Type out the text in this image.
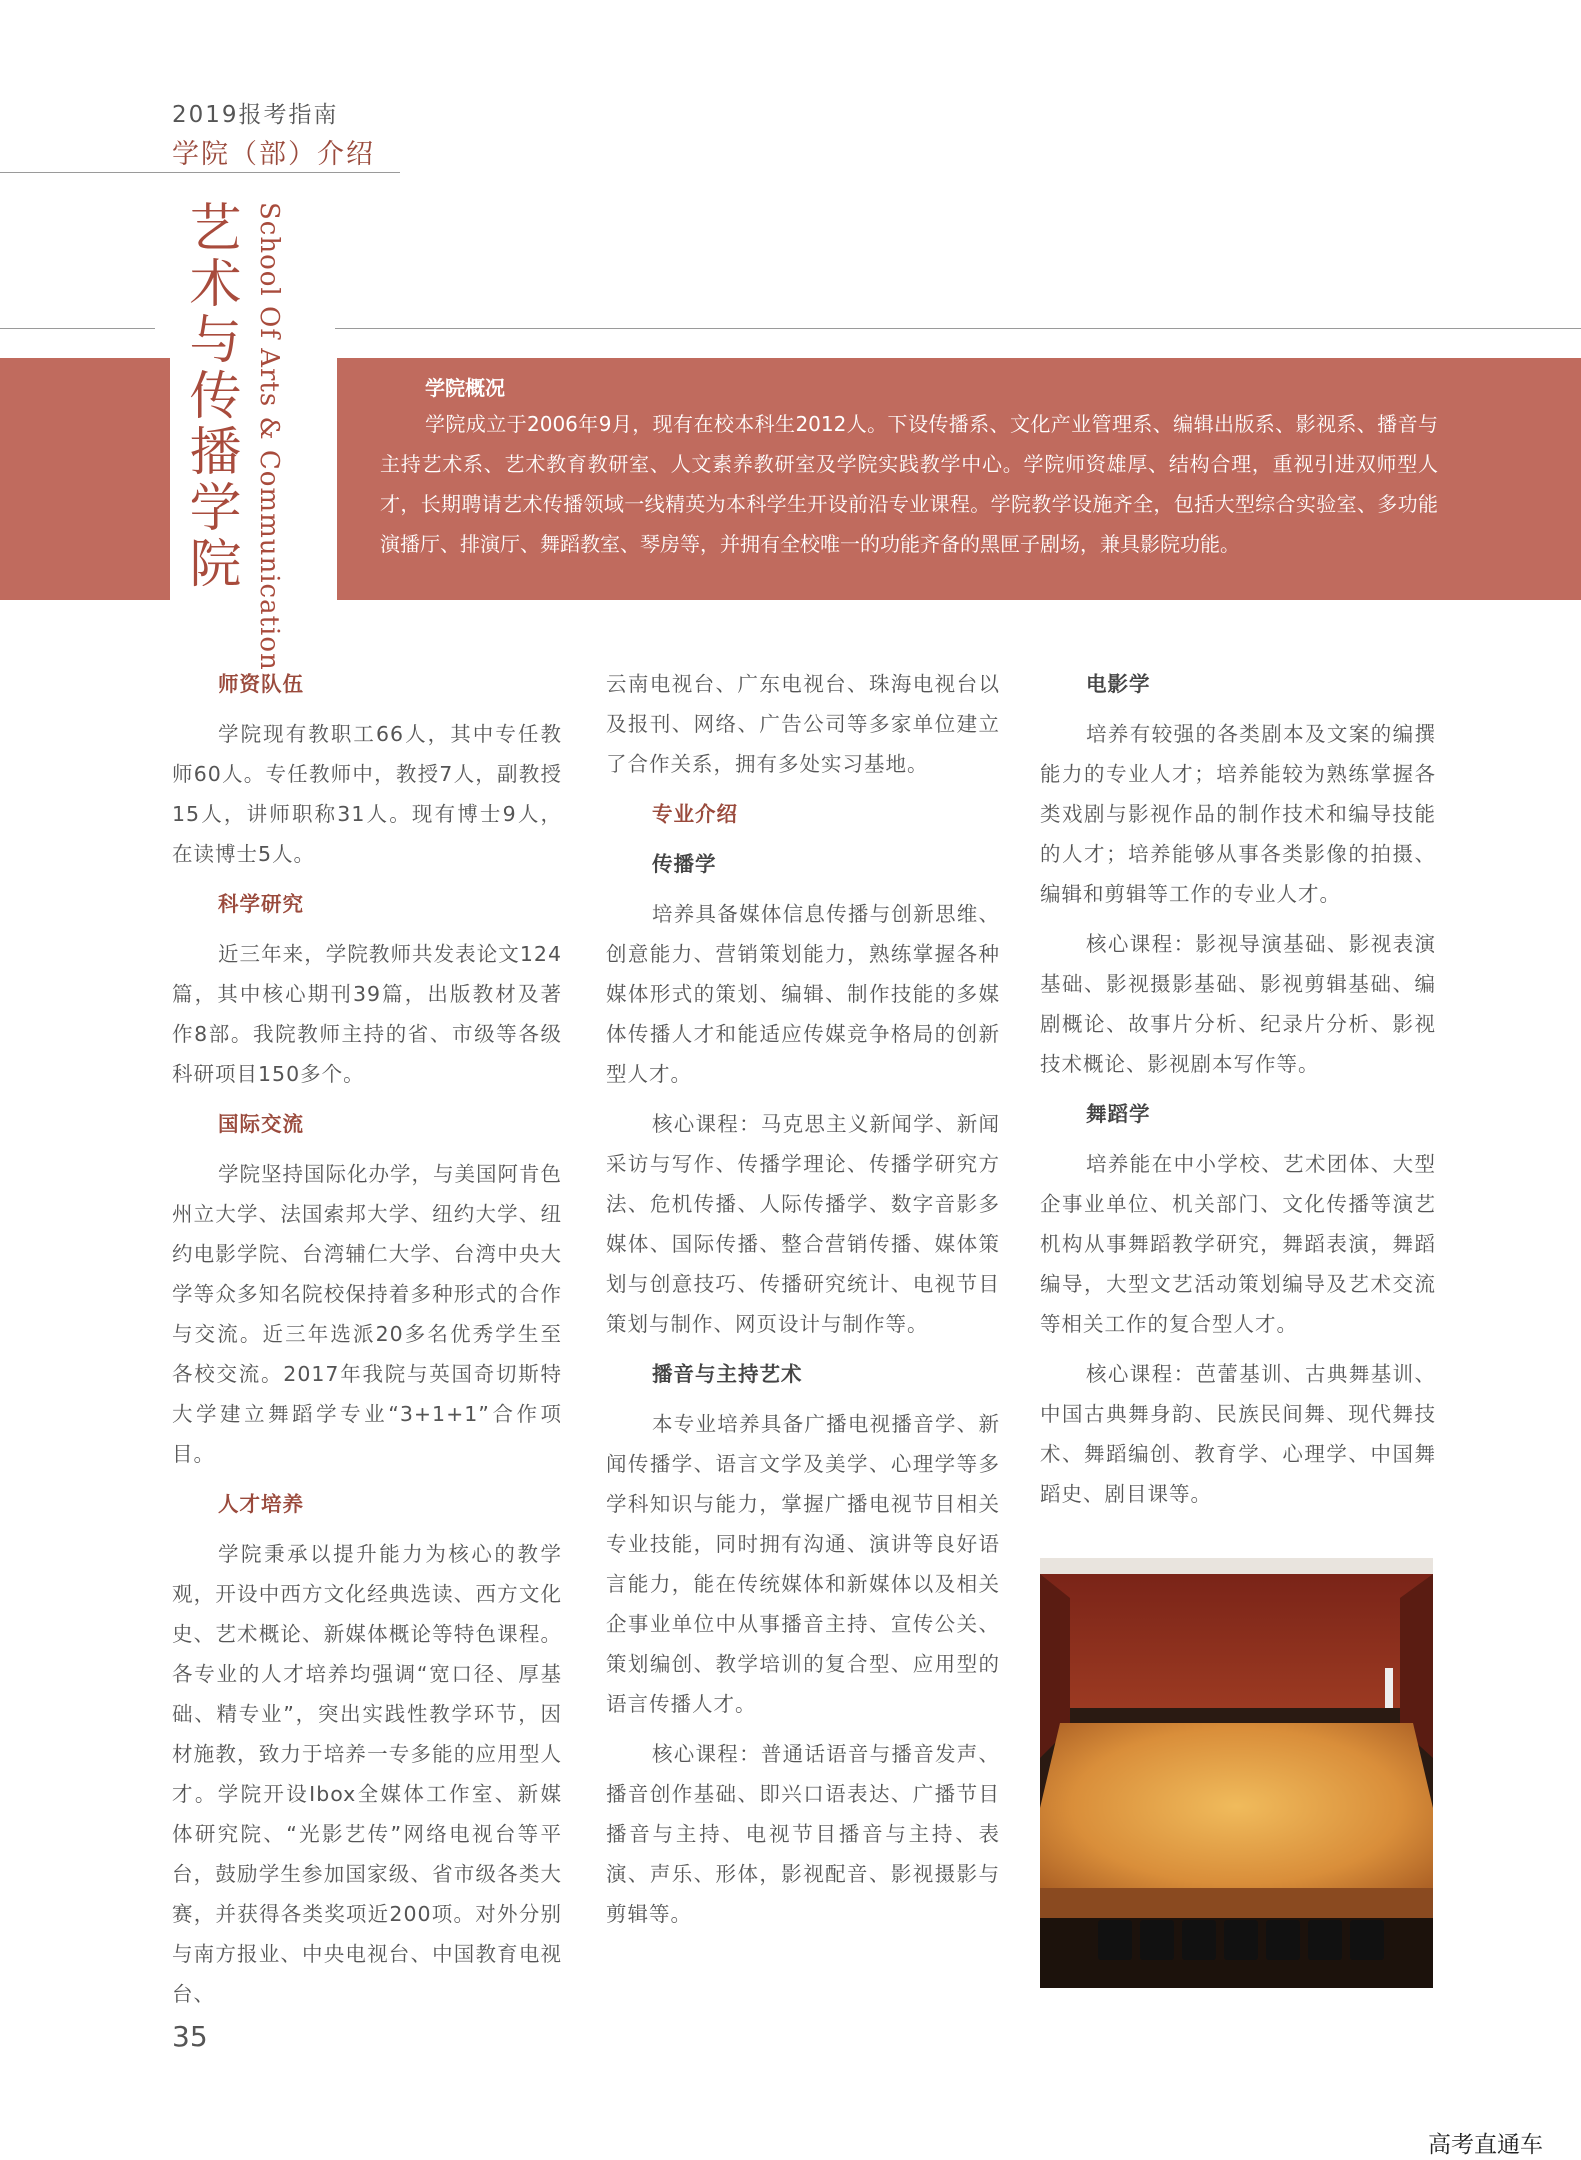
2019报考指南
学院（部）介绍
艺术与传播学院 School Of Arts & Communication	学院概况
学院成立于2006年9月，现有在校本科生2012人。下设传播系、文化产业管理系、编辑出版系、影视系、播音与主持艺术系、艺术教育教研室、人文素养教研室及学院实践教学中心。学院师资雄厚、结构合理，重视引进双师型人才，长期聘请艺术传播领域一线精英为本科学生开设前沿专业课程。学院教学设施齐全，包括大型综合实验室、多功能演播厅、排演厅、舞蹈教室、琴房等，并拥有全校唯一的功能齐备的黑匣子剧场，兼具影院功能。
师资队伍

学院现有教职工66人，其中专任教师60人。专任教师中，教授7人，副教授15人，讲师职称31人。现有博士9人，在读博士5人。

科学研究

近三年来，学院教师共发表论文124篇，其中核心期刊39篇，出版教材及著作8部。我院教师主持的省、市级等各级科研项目150多个。

国际交流

学院坚持国际化办学，与美国阿肯色州立大学、法国索邦大学、纽约大学、纽约电影学院、台湾辅仁大学、台湾中央大学等众多知名院校保持着多种形式的合作与交流。近三年选派20多名优秀学生至各校交流。2017年我院与英国奇切斯特大学建立舞蹈学专业“3+1+1”合作项目。

人才培养

学院秉承以提升能力为核心的教学观，开设中西方文化经典选读、西方文化史、艺术概论、新媒体概论等特色课程。各专业的人才培养均强调“宽口径、厚基础、精专业”，突出实践性教学环节，因材施教，致力于培养一专多能的应用型人才。学院开设Ibox全媒体工作室、新媒体研究院、“光影艺传”网络电视台等平台，鼓励学生参加国家级、省市级各类大赛，并获得各类奖项近200项。对外分别与南方报业、中央电视台、中国教育电视台、

云南电视台、广东电视台、珠海电视台以及报刊、网络、广告公司等多家单位建立了合作关系，拥有多处实习基地。

专业介绍
传播学

培养具备媒体信息传播与创新思维、创意能力、营销策划能力，熟练掌握各种媒体形式的策划、编辑、制作技能的多媒体传播人才和能适应传媒竞争格局的创新型人才。

核心课程：马克思主义新闻学、新闻采访与写作、传播学理论、传播学研究方法、危机传播、人际传播学、数字音影多媒体、国际传播、整合营销传播、媒体策划与创意技巧、传播研究统计、电视节目策划与制作、网页设计与制作等。

播音与主持艺术

本专业培养具备广播电视播音学、新闻传播学、语言文学及美学、心理学等多学科知识与能力，掌握广播电视节目相关专业技能，同时拥有沟通、演讲等良好语言能力，能在传统媒体和新媒体以及相关企事业单位中从事播音主持、宣传公关、策划编创、教学培训的复合型、应用型的语言传播人才。

核心课程：普通话语音与播音发声、播音创作基础、即兴口语表达、广播节目播音与主持、电视节目播音与主持、表演、声乐、形体，影视配音、影视摄影与剪辑等。

电影学

培养有较强的各类剧本及文案的编撰能力的专业人才；培养能较为熟练掌握各类戏剧与影视作品的制作技术和编导技能的人才；培养能够从事各类影像的拍摄、编辑和剪辑等工作的专业人才。

核心课程：影视导演基础、影视表演基础、影视摄影基础、影视剪辑基础、编剧概论、故事片分析、纪录片分析、影视技术概论、影视剧本写作等。

舞蹈学

培养能在中小学校、艺术团体、大型企事业单位、机关部门、文化传播等演艺机构从事舞蹈教学研究，舞蹈表演，舞蹈编导，大型文艺活动策划编导及艺术交流等相关工作的复合型人才。

核心课程：芭蕾基训、古典舞基训、中国古典舞身韵、民族民间舞、现代舞技术、舞蹈编创、教育学、心理学、中国舞蹈史、剧目课等。

35
高考直通车
